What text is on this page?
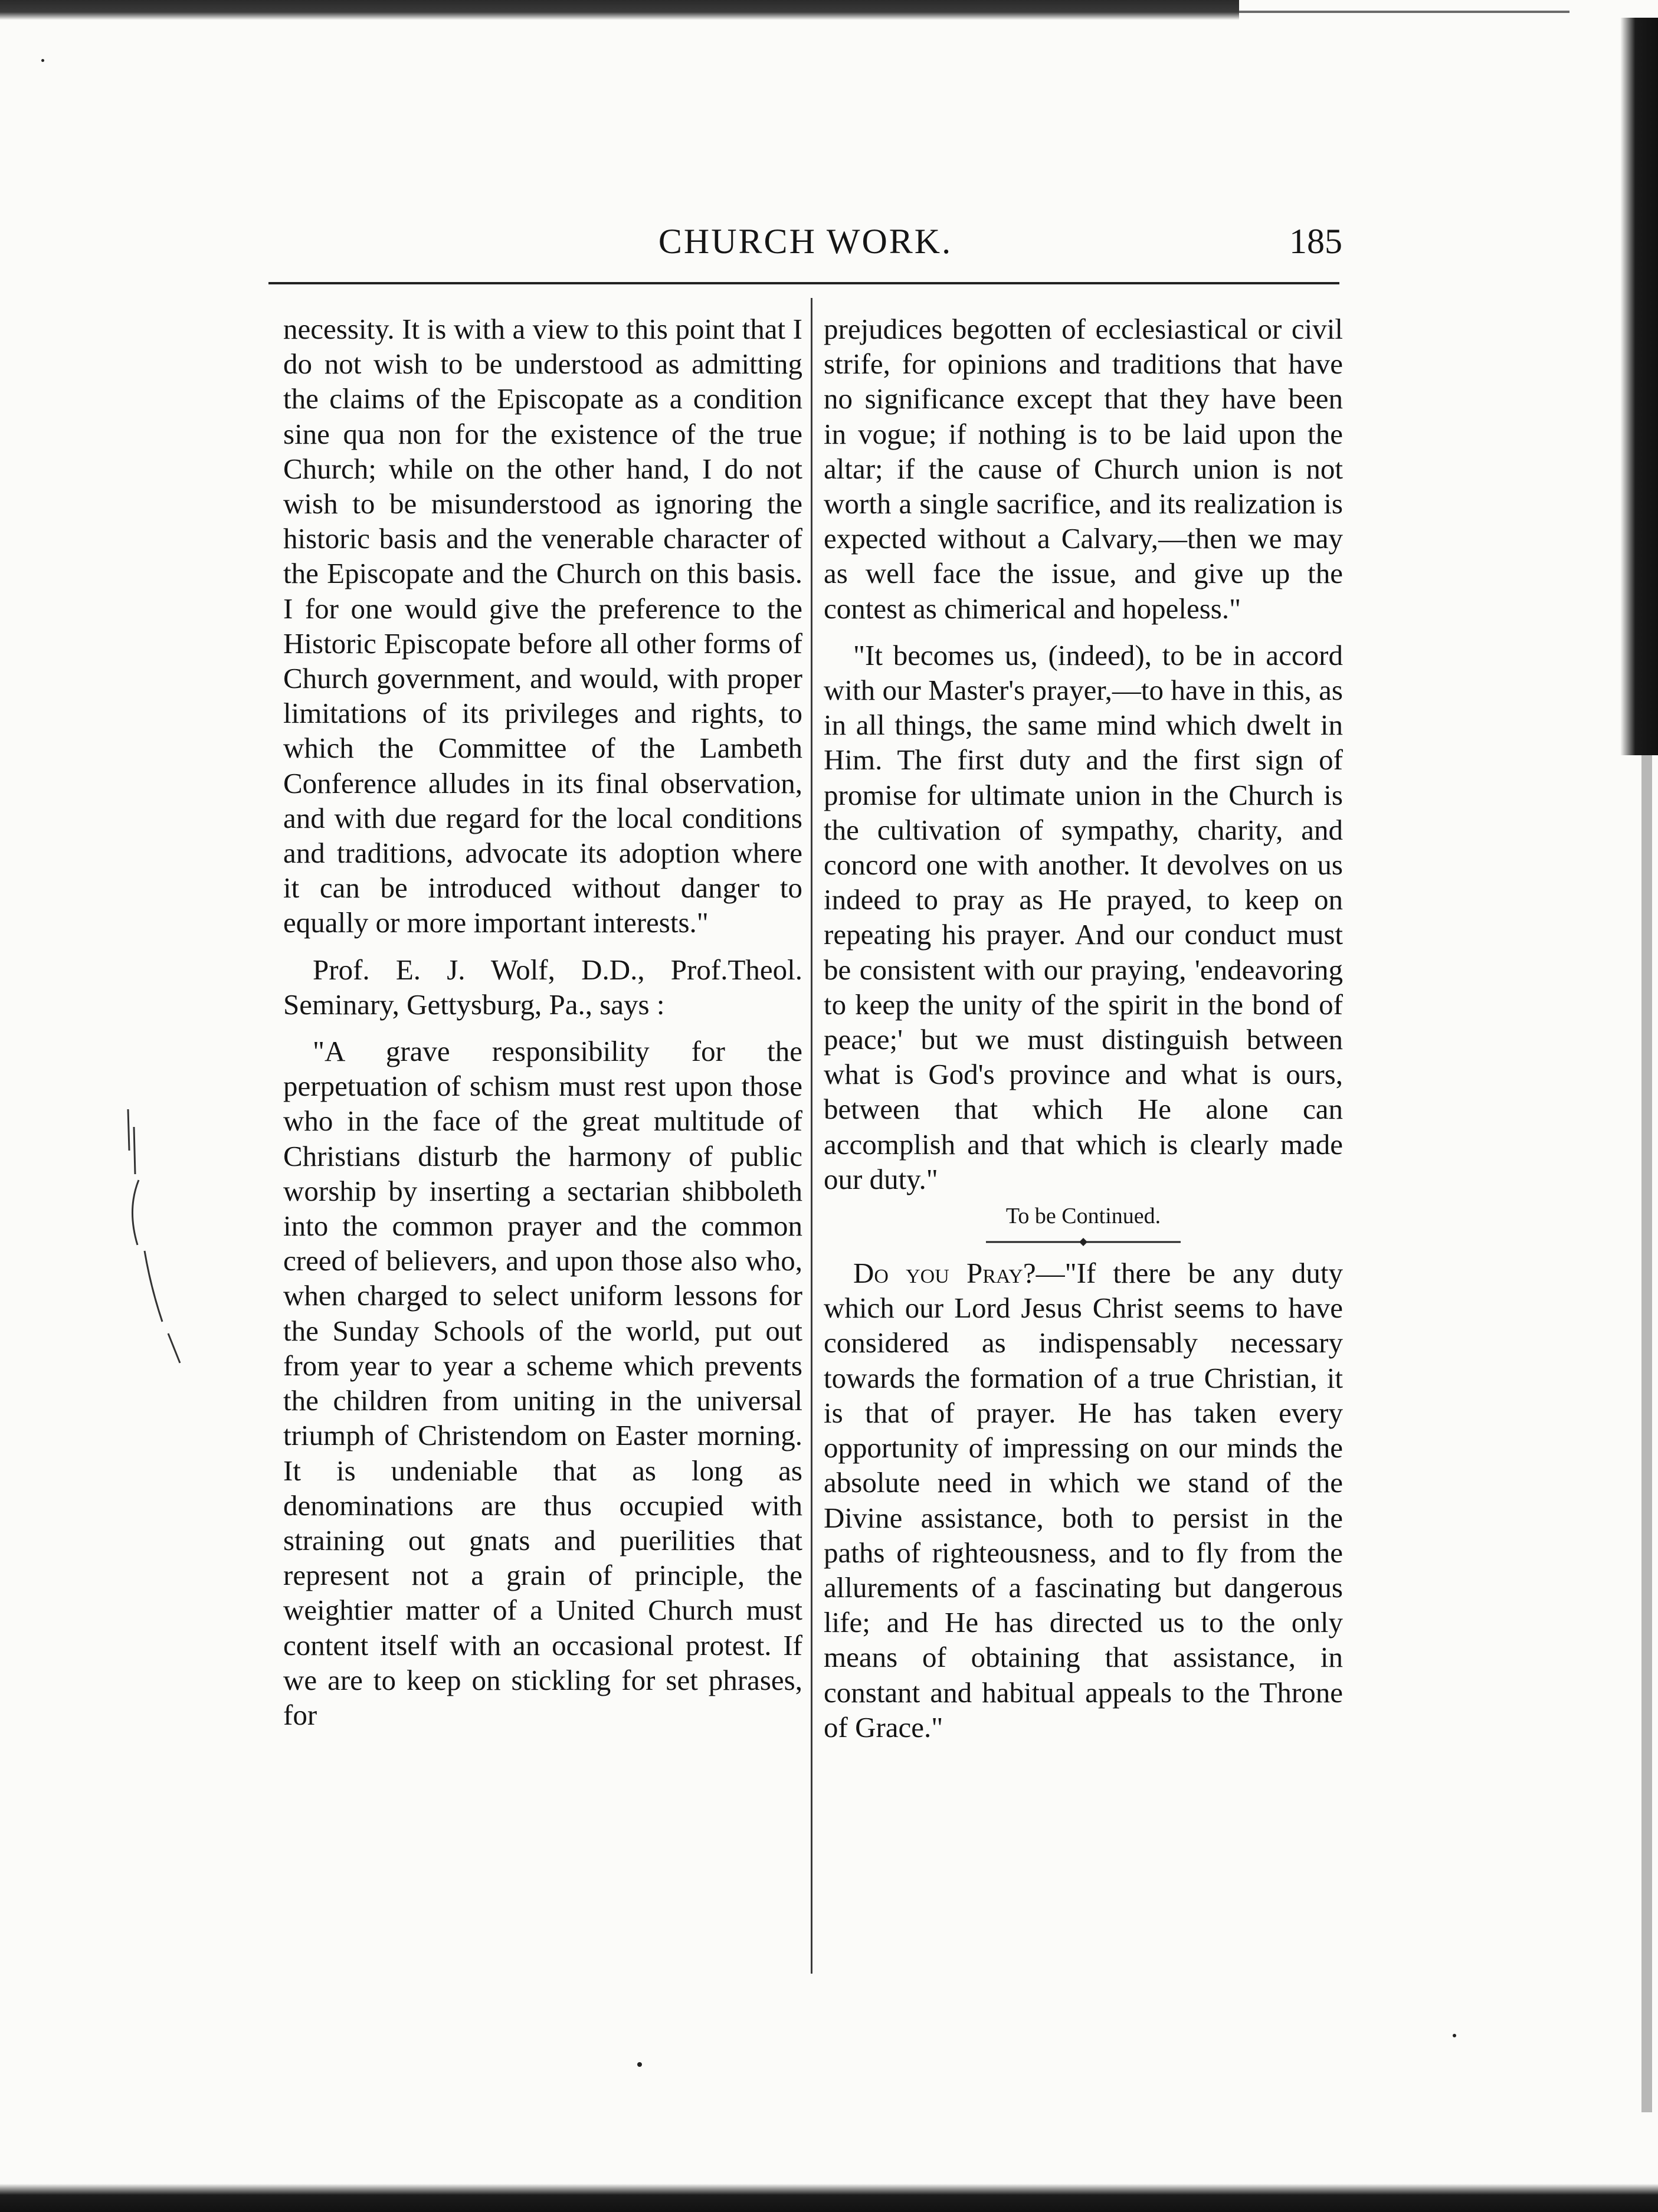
CHURCH WORK.	185

necessity. It is with a view to this point that I do not wish to be understood as admitting the claims of the Episcopate as a condition sine qua non for the existence of the true Church; while on the other hand, I do not wish to be misunderstood as ignoring the historic basis and the venerable character of the Episcopate and the Church on this basis. I for one would give the preference to the Historic Episcopate before all other forms of Church government, and would, with proper limitations of its privileges and rights, to which the Committee of the Lambeth Conference alludes in its final observation, and with due regard for the local conditions and traditions, advocate its adoption where it can be introduced without danger to equally or more important interests."

Prof. E. J. Wolf, D.D., Prof.Theol. Seminary, Gettysburg, Pa., says :

"A grave responsibility for the perpetuation of schism must rest upon those who in the face of the great multitude of Christians disturb the harmony of public worship by inserting a sectarian shibboleth into the common prayer and the common creed of believers, and upon those also who, when charged to select uniform lessons for the Sunday Schools of the world, put out from year to year a scheme which prevents the children from uniting in the universal triumph of Christendom on Easter morning. It is undeniable that as long as denominations are thus occupied with straining out gnats and puerilities that represent not a grain of principle, the weightier matter of a United Church must content itself with an occasional protest. If we are to keep on stickling for set phrases, for

prejudices begotten of ecclesiastical or civil strife, for opinions and traditions that have no significance except that they have been in vogue; if nothing is to be laid upon the altar; if the cause of Church union is not worth a single sacrifice, and its realization is expected without a Calvary,—then we may as well face the issue, and give up the contest as chimerical and hopeless."

"It becomes us, (indeed), to be in accord with our Master's prayer,—to have in this, as in all things, the same mind which dwelt in Him. The first duty and the first sign of promise for ultimate union in the Church is the cultivation of sympathy, charity, and concord one with another. It devolves on us indeed to pray as He prayed, to keep on repeating his prayer. And our conduct must be consistent with our praying, 'endeavoring to keep the unity of the spirit in the bond of peace;' but we must distinguish between what is God's province and what is ours, between that which He alone can accomplish and that which is clearly made our duty."

To be Continued.

Do you Pray?—"If there be any duty which our Lord Jesus Christ seems to have considered as indispensably necessary towards the formation of a true Christian, it is that of prayer. He has taken every opportunity of impressing on our minds the absolute need in which we stand of the Divine assistance, both to persist in the paths of righteousness, and to fly from the allurements of a fascinating but dangerous life; and He has directed us to the only means of obtaining that assistance, in constant and habitual appeals to the Throne of Grace."
